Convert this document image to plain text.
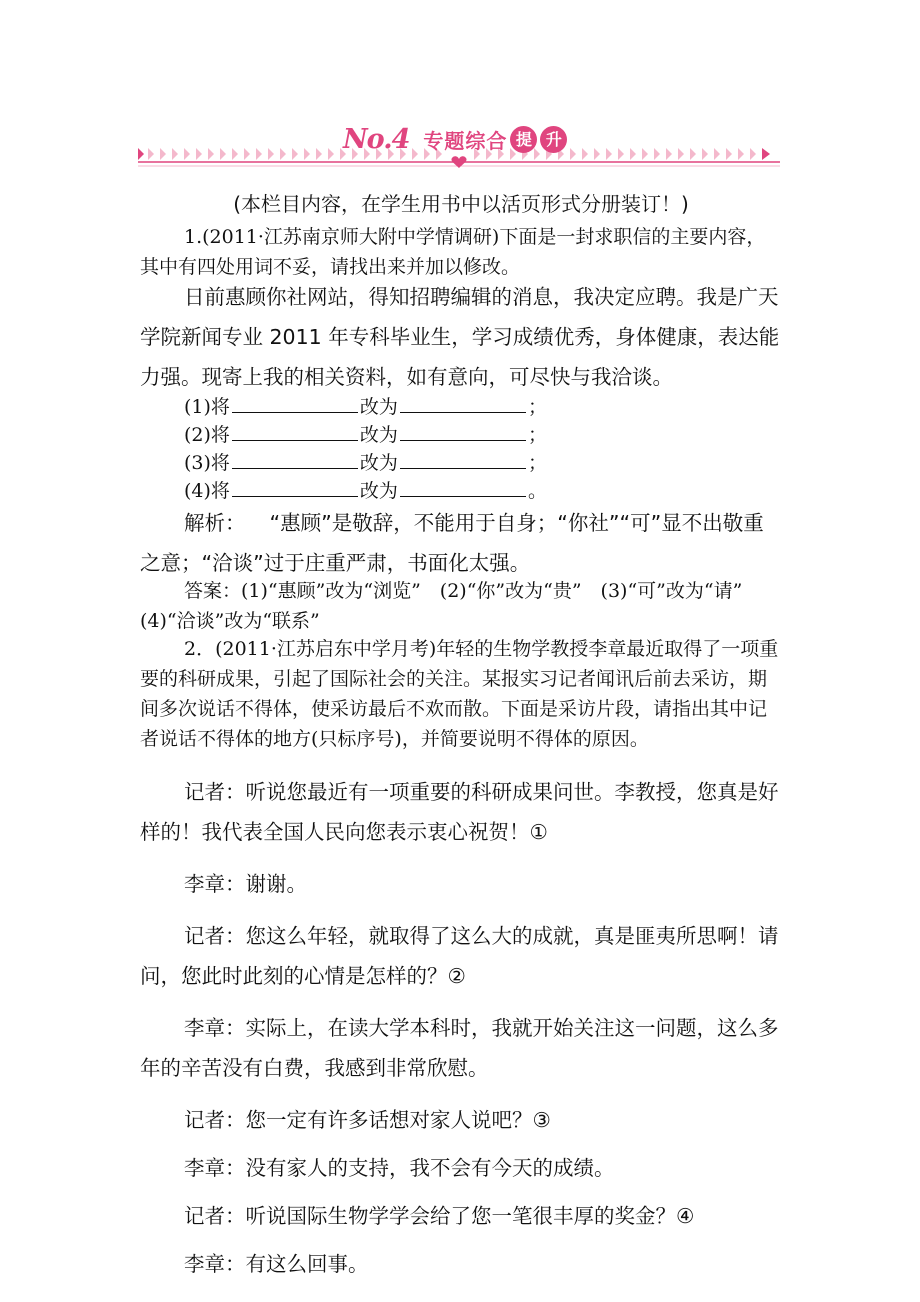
No.4 专题综合 提 升

(本栏目内容，在学生用书中以活页形式分册装订！)

1.(2011·江苏南京师大附中学情调研)下面是一封求职信的主要内容，其中有四处用词不妥，请找出来并加以修改。

日前惠顾你社网站，得知招聘编辑的消息，我决定应聘。我是广天学院新闻专业 2011 年专科毕业生，学习成绩优秀，身体健康，表达能力强。现寄上我的相关资料，如有意向，可尽快与我洽谈。

(1)将	改为	；
(2)将	改为	；
(3)将	改为	；
(4)将	改为	。

解析： “惠顾”是敬辞，不能用于自身；“你社”“可”显不出敬重之意；“洽谈”过于庄重严肃，书面化太强。

答案：(1)“惠顾”改为“浏览”　(2)“你”改为“贵”　(3)“可”改为“请”　(4)“洽谈”改为“联系”

2．(2011·江苏启东中学月考)年轻的生物学教授李章最近取得了一项重要的科研成果，引起了国际社会的关注。某报实习记者闻讯后前去采访，期间多次说话不得体，使采访最后不欢而散。下面是采访片段，请指出其中记者说话不得体的地方(只标序号)，并简要说明不得体的原因。

记者：听说您最近有一项重要的科研成果问世。李教授，您真是好样的！我代表全国人民向您表示衷心祝贺！①

李章：谢谢。

记者：您这么年轻，就取得了这么大的成就，真是匪夷所思啊！请问，您此时此刻的心情是怎样的？②

李章：实际上，在读大学本科时，我就开始关注这一问题，这么多年的辛苦没有白费，我感到非常欣慰。

记者：您一定有许多话想对家人说吧？③

李章：没有家人的支持，我不会有今天的成绩。

记者：听说国际生物学学会给了您一笔很丰厚的奖金？④

李章：有这么回事。
